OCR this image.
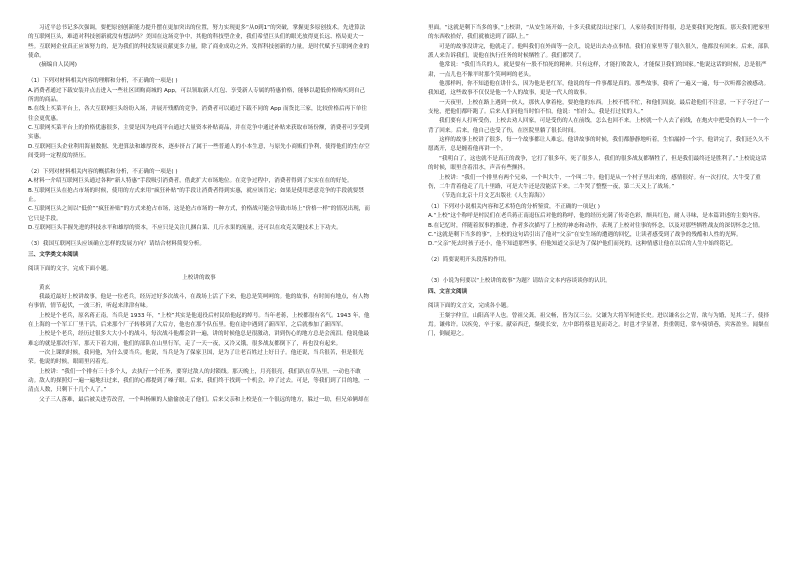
习近平总书记多次强调，要把原创创新能力提升摆在更加突出的位置，努力实现更多“从0到1”的突破，掌握更多原创技术。先进算法的互联网巨头，难道对科技创新就没有想法吗？美国在这场竞争中，其他的科技型企业，我们希望巨头们的眼光放得更长远、格局更大一些。互联网企业真正应该努力的，是为我们的科技发展贡献更多力量，除了商业成功之外，发挥科技创新的力量，是时代赋予互联网企业的使命。

(摘编自人民网)

（1）下列对材料相关内容的理解和分析，不正确的一项是( )

A.消费者通过下载安装并点击进入一些社区团购商城的 App，可以领取新人红包、享受新人专属的特惠价格，能够以超低价格购买到自己所需的商品。

B.在线上买菜平台上，各大互联网巨头纷纷入场，并展开残酷的竞争，消费者可以通过下载不同的 App 而货比三家，比较价格后再下单往往会更优惠。

C.互联网买菜平台上的价格优惠很多，主要是因为电商平台通过大量资本补贴商品，并在竞争中通过补贴来获取市场份额，消费者可享受到实惠。

D.互联网巨头企业利用海量数据、先进算法和雄厚资本，逐步挤占了属于一些普通人的小本生意，与原先小商贩们争利，使得他们的生存空间受到一定程度的挤压。

（2）下列对材料相关内容的概括和分析，不正确的一项是( )

A.材料一介绍互联网巨头通过各种“新人特惠”手段吸引消费者，借此扩大市场地位。在竞争过程中，消费者得到了实实在在的好处。

B.互联网巨头在抢占市场的时候，使用的方式来用“疯狂补贴”的手段让消费者得到实惠，就应该肯定；如果是使用恶意竞争的手段就要禁止。

C.互联网巨头之间以“低价”“疯狂补贴”的方式来抢占市场，这是抢占市场的一种方式，价格战可能会导致市场上“价格一样”的情况出现，而它只是手段。

D.互联网巨头手握先进的科技水平和雄厚的资本，不应只是关注几捆白菜、几斤水果的流量，还可以在攻克关键技术上下功夫。

（3）我国互联网巨头应该确立怎样的发展方向？请结合材料简要分析。

三、文学类文本阅读

阅读下面的文字，完成下面小题。

上校讲的故事

黄玄

我最近最好上校讲故事，他是一位老兵，经历过好多次战斗，在战场上活了下来，他总是笑呵呵的。他的故事，有时间有地点，有人物有事情，情节起伏，一波三折，听起来津津有味。

上校是个老兵，原名蒋正南，当兵是 1933 年，“上校”其实是他退役后村民给他起的绰号。当年老蒋，上校都很有名气。1943 年，他在上海的一个军工厂里干活，后来那个厂子转移到了大后方，他也在那个队伍里。他在途中遇到了新四军，之后就参加了新四军。

上校是个老兵，经历过很多大大小小的战斗，每次战斗他都会讲一遍，讲的时候他总是很激动，讲到伤心的地方总是会流泪。他说他最难忘的就是那次行军，那天下着大雨，他们的部队在山里行军，走了一天一夜，又冷又饿，很多战友都倒下了，再也没有起来。

一次上课的时候，我问他，为什么要当兵。他说，当兵是为了保家卫国，是为了让老百姓过上好日子。他还说，当兵很苦，但是很光荣。他说的时候，眼睛里闪着光。

上校讲：“我们一个排有三十多个人，去执行一个任务，要穿过敌人的封锁线。那天晚上，月亮很亮，我们趴在草丛里，一动也不敢动。敌人的探照灯一遍一遍地扫过来，我们的心都提到了嗓子眼。后来，我们终于找到一个机会，冲了过去。可是，等我们到了目的地，一清点人数，只剩下十几个人了。”

父子三人落难，最后被关进劳改营，一个叫杨顺的人偷偷放走了他们。后来父亲和上校是在一个很远的地方，躲过一劫，但兄弟俩却在

里面。“这就是剩下当多的事，”上校讲，“从安生场开始，十多天我就没出过家门，人家待我们好得很，总是要我们吃饱饭。那天我们把家里的东西收拾好，我们就被送到了部队上。”

可是的故事没讲完，他就走了。他叫我们在外面等一会儿，说是出去办点事情。我们在家里等了很久很久，他都没有回来。后来，部队派人来告诉我们，说他在执行任务的时候牺牲了。我们都哭了。

他常说：“我们当兵的人，就是要有一股不怕死的精神。只有这样，才能打败敌人，才能保卫我们的国家。”他说这话的时候，总是很严肃，一点儿也不像平时那个笑呵呵的老头。

他那样吗，你不知道他在讲什么，因为他是老红军，他说的每一件事都是真的。那些故事，我听了一遍又一遍，每一次听都会被感动。我知道，这些故事不仅仅是他一个人的故事，更是一代人的故事。

一天夜里，上校在路上遇到一伙人，那伙人拿着枪，要抢他的东西。上校不慌不忙，和他们周旋，最后趁他们不注意，一下子夺过了一支枪，把他们都吓跑了。后来人们问他当时怕不怕，他说：“怕什么，我是打过仗的人。”

我们要有人打听受伤，上校去劝人回家，可是受伤的人在前线，怎么也回不来。上校就一个人去了前线，在炮火中把受伤的人一个一个背了回来。后来，他自己也受了伤，在医院里躺了很长时间。

这样的故事上校讲了很多，每一个故事都让人难忘。他讲故事的时候，我们都静静地听着，生怕漏掉一个字。他讲完了，我们还久久不愿离开，总是缠着他再讲一个。

“我明白了，这也就不是真正的战争，它打了很多年，死了很多人，我们的很多战友都牺牲了，但是我们最终还是胜利了。”上校说这话的时候，眼里含着泪水，声音有些颤抖。

上校讲：“我们一个排里有两个兄弟，一个叫大牛，一个叫二牛。他们是从一个村子里出来的，感情很好。有一次打仗，大牛受了重伤，二牛背着他走了几十里路，可是大牛还是没能活下来。二牛哭了整整一夜，第二天又上了战场。”

（节选自北京十月文艺出版社《人生海海》）

（1）下列对小说相关内容和艺术特色的分析鉴赏，不正确的一项是( )

A.“上校”这个称呼是村民们在老兵蒋正南退伍后对他的称呼，他的经历充满了传奇色彩，颇具红色，耐人寻味，是本篇讲述的主要内容。

B.在记忆时，伴随着叙事的推进，作者多次描写了上校的神态和动作，表现了上校对往事的怀念，以及对那些牺牲战友的深切怀念之情。

C.“这就是剩下当多的事”，上校的这句话引出了他对“父亲”在安生场的遭遇的回忆，让读者感受到了战争的残酷和人性的光辉。

D.“父亲”死去时孩子还小，他不知道那些事，但他知道父亲是为了保护他们而死的，这种情感让他在以后的人生中始终铭记。

（2）简要说明开头段落的作用。

（3）小说为何要以“上校讲的故事”为题？请结合文本内容谈谈你的认识。

四、文言文阅读

阅读下面的文言文，完成各小题。

王粲字仲宣，山阳高平人也。曾祖父龚，祖父畅，皆为汉三公。父谦为大将军何进长史。进以谦名公之胄，欲与为婚，见其二子，使择焉。谦弗许。以疾免，卒于家。献帝西迁，粲徙长安，左中郎将蔡邕见而奇之。时邕才学显著，贵重朝廷，常车骑填巷，宾客盈坐。闻粲在门，倒屣迎之。
